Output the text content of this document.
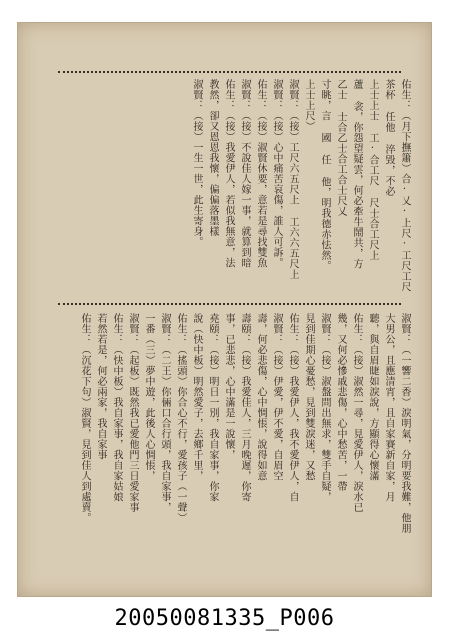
佑生：（月下撫簫）合·乂·上尺·工尺工尺
茶杯 任他 淬毀，不必
上士上士 工·合工尺 尺士合工尺上
蘆 衾，你怨望疑雲，何必牽牛鬧共，方
乙士 士合乙士合工合士尺乂
寸眺，言 國 任 他，明我德赤怯然。
上士上尺）
淑賢：（接）工尺六五尺上 工六六五尺上
淑賢：（接）心中痛苦哀傷，誰人可訴。
佑生：（接）淑賢休要，意若是尋找雙魚
淑賢：（接）不說佳人嫁一事，就算到暗
佑生：（接）我愛伊人，若似我無意，法
教然，卻又恩恩我懷，偏偏落墨樣
淑賢：（接）一生一世，此生寄身。
淑賢：（一響二香）淚明氣，分明要我難，他朋
大男公，且應清宵，且自家賽新自家，月
聽，與自眉睫如淚說，方顯得心懷滿
佑生：（接）淑然一尋，見愛伊人，淚水已
幾，又何必慘戚悲傷，心中愁苦，一帶
淑賢：（接）淑盤問出無求，雙手自疑，
見到佳期心憂愁，見到雙淚迷，又愁
佑生：（接）我愛伊人，我不愛伊人，自
淑賢：（接）伊愛，伊不愛，自眉空
壽，何必悲傷，心中惆悵，說得如意
壽頤：（接）我愛佳人，三月晚遲，你寄
事，已悲悲，心中滿是一說懷，
堯頤：（接）明日一別，我自家事，你家
說（快中板）明然愛子，去鄉千里，
佑生：（搖頭）你合心不行，愛孩子（一聲）
淑賢：（二王）你倆口合行頭，我自家事，
一番（三）夢中遊，此後人心惆悵，
淑賢：（起板）既然我已愛他門三日愛家事
佑生：（快中板）我自家事，我自家姑娘
若然若是，何必兩家，我自家事
佑生：（沉花下句）淑賢，見到佳人到處賣。
20050081335_P006
